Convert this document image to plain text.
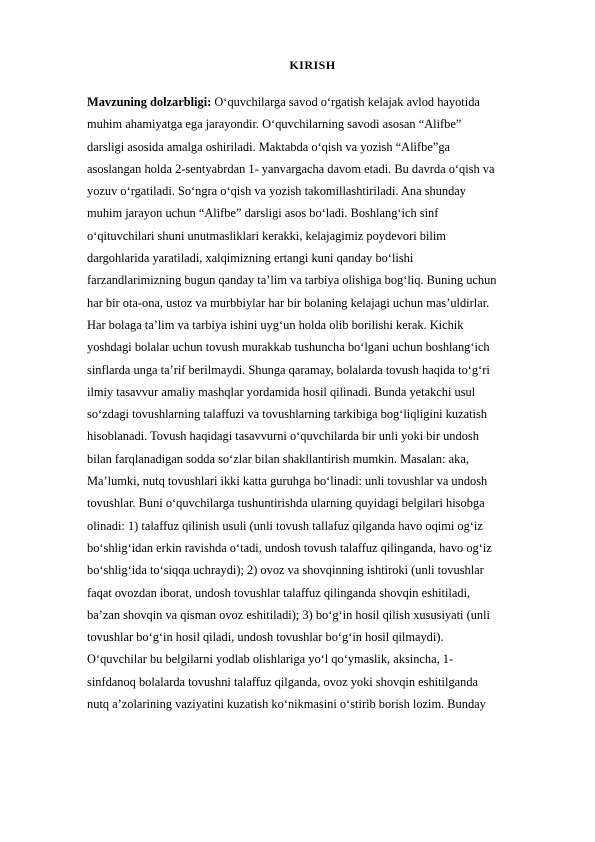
KIRISH
Mavzuning dolzarbligi: O‘quvchilarga savod o‘rgatish kelajak avlod hayotida
muhim ahamiyatga ega jarayondir. O‘quvchilarning savodi asosan “Alifbe”
darsligi asosida amalga oshiriladi. Maktabda o‘qish va yozish “Alifbe”ga
asoslangan holda 2-sentyabrdan 1- yanvargacha davom etadi. Bu davrda o‘qish va
yozuv o‘rgatiladi. So‘ngra o‘qish va yozish takomillashtiriladi. Ana shunday
muhim jarayon uchun “Alifbe” darsligi asos bo‘ladi. Boshlang‘ich sinf
o‘qituvchilari shuni unutmasliklari kerakki, kelajagimiz poydevori bilim
dargohlarida yaratiladi, xalqimizning ertangi kuni qanday bo‘lishi
farzandlarimizning bugun qanday ta’lim va tarbiya olishiga bog‘liq. Buning uchun
har bir ota-ona, ustoz va murbbiylar har bir bolaning kelajagi uchun mas’uldirlar.
Har bolaga ta’lim va tarbiya ishini uyg‘un holda olib borilishi kerak. Kichik
yoshdagi bolalar uchun tovush murakkab tushuncha bo‘lgani uchun boshlang‘ich
sinflarda unga ta’rif berilmaydi. Shunga qaramay, bolalarda tovush haqida to‘g‘ri
ilmiy tasavvur amaliy mashqlar yordamida hosil qilinadi. Bunda yetakchi usul
so‘zdagi tovushlarning talaffuzi va tovushlarning tarkibiga bog‘liqligini kuzatish
hisoblanadi. Tovush haqidagi tasavvurni o‘quvchilarda bir unli yoki bir undosh
bilan farqlanadigan sodda so‘zlar bilan shakllantirish mumkin. Masalan: aka,
Ma’lumki, nutq tovushlari ikki katta guruhga bo‘linadi: unli tovushlar va undosh
tovushlar. Buni o‘quvchilarga tushuntirishda ularning quyidagi belgilari hisobga
olinadi: 1) talaffuz qilinish usuli (unli tovush tallafuz qilganda havo oqimi og‘iz
bo‘shlig‘idan erkin ravishda o‘tadi, undosh tovush talaffuz qilinganda, havo og‘iz
bo‘shlig‘ida to‘siqqa uchraydi); 2) ovoz va shovqinning ishtiroki (unli tovushlar
faqat ovozdan iborat, undosh tovushlar talaffuz qilinganda shovqin eshitiladi,
ba’zan shovqin va qisman ovoz eshitiladi); 3) bo‘g‘in hosil qilish xususiyati (unli
tovushlar bo‘g‘in hosil qiladi, undosh tovushlar bo‘g‘in hosil qilmaydi).
O‘quvchilar bu belgilarni yodlab olishlariga yo‘l qo‘ymaslik, aksincha, 1-
sinfdanoq bolalarda tovushni talaffuz qilganda, ovoz yoki shovqin eshitilganda
nutq a’zolarining vaziyatini kuzatish ko‘nikmasini o‘stirib borish lozim. Bunday
